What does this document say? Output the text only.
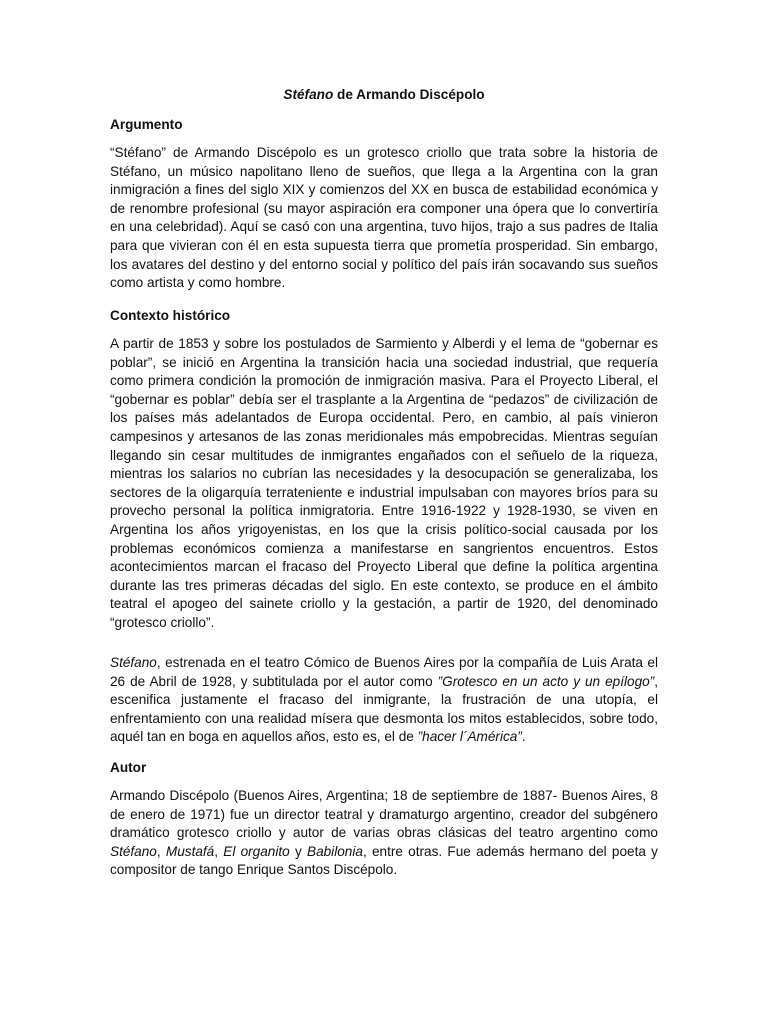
Stéfano de Armando Discépolo
Argumento

“Stéfano” de Armando Discépolo es un grotesco criollo que trata sobre la historia de Stéfano, un músico napolitano lleno de sueños, que llega a la Argentina con la gran inmigración a fines del siglo XIX y comienzos del XX en busca de estabilidad económica y de renombre profesional (su mayor aspiración era componer una ópera que lo convertiría en una celebridad). Aquí se casó con una argentina, tuvo hijos, trajo a sus padres de Italia para que vivieran con él en esta supuesta tierra que prometía prosperidad. Sin embargo, los avatares del destino y del entorno social y político del país irán socavando sus sueños como artista y como hombre.

Contexto histórico

A partir de 1853 y sobre los postulados de Sarmiento y Alberdi y el lema de “gobernar es poblar”, se inició en Argentina la transición hacia una sociedad industrial, que requería como primera condición la promoción de inmigración masiva. Para el Proyecto Liberal, el “gobernar es poblar” debía ser el trasplante a la Argentina de “pedazos” de civilización de los países más adelantados de Europa occidental. Pero, en cambio, al país vinieron campesinos y artesanos de las zonas meridionales más empobrecidas. Mientras seguían llegando sin cesar multitudes de inmigrantes engañados con el señuelo de la riqueza, mientras los salarios no cubrían las necesidades y la desocupación se generalizaba, los sectores de la oligarquía terrateniente e industrial impulsaban con mayores bríos para su provecho personal la política inmigratoria. Entre 1916-1922 y 1928-1930, se viven en Argentina los años yrigoyenistas, en los que la crisis político-social causada por los problemas económicos comienza a manifestarse en sangrientos encuentros. Estos acontecimientos marcan el fracaso del Proyecto Liberal que define la política argentina durante las tres primeras décadas del siglo. En este contexto, se produce en el ámbito teatral el apogeo del sainete criollo y la gestación, a partir de 1920, del denominado “grotesco criollo”.

Stéfano, estrenada en el teatro Cómico de Buenos Aires por la compañía de Luis Arata el 26 de Abril de 1928, y subtitulada por el autor como ”Grotesco en un acto y un epílogo”, escenifica justamente el fracaso del inmigrante, la frustración de una utopía, el enfrentamiento con una realidad mísera que desmonta los mitos establecidos, sobre todo, aquél tan en boga en aquellos años, esto es, el de ”hacer l´América”.

Autor

Armando Discépolo (Buenos Aires, Argentina; 18 de septiembre de 1887- Buenos Aires, 8 de enero de 1971) fue un director teatral y dramaturgo argentino, creador del subgénero dramático grotesco criollo y autor de varias obras clásicas del teatro argentino como Stéfano, Mustafá, El organito y Babilonia, entre otras. Fue además hermano del poeta y compositor de tango Enrique Santos Discépolo.
